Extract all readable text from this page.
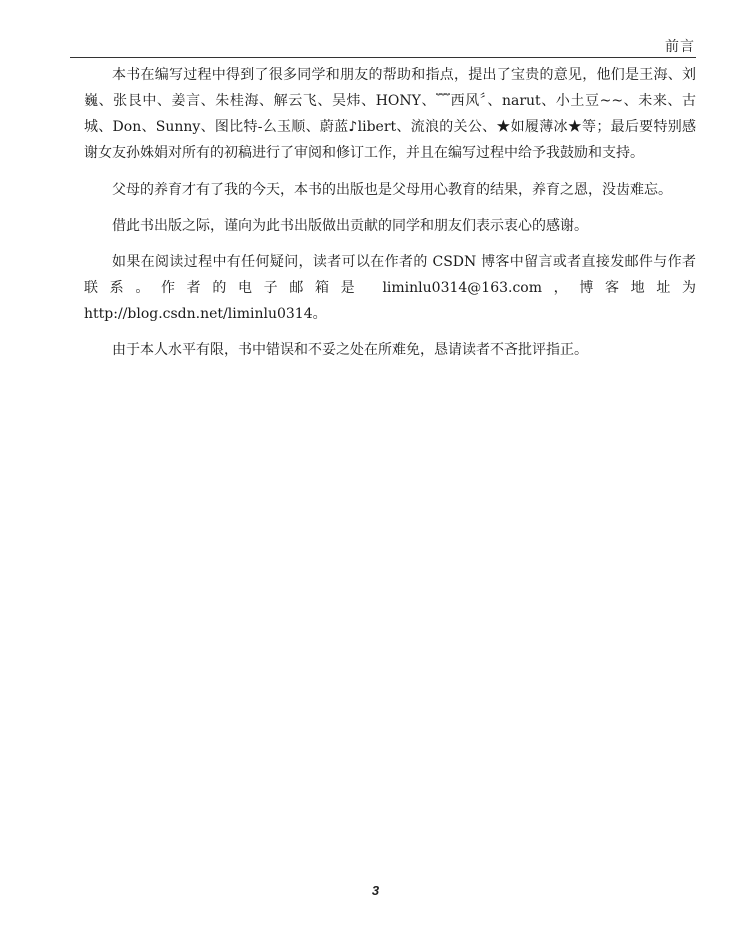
前言

本书在编写过程中得到了很多同学和朋友的帮助和指点，提出了宝贵的意见，他们是王海、刘巍、张艮中、姜言、朱桂海、解云飞、吴炜、HONY、﹌西风〞、narut、小土豆~~、未来、古城、Don、Sunny、图比特-么玉顺、蔚蓝♪libert、流浪的关公、★如履薄冰★等；最后要特别感谢女友孙姝娟对所有的初稿进行了审阅和修订工作，并且在编写过程中给予我鼓励和支持。

父母的养育才有了我的今天，本书的出版也是父母用心教育的结果，养育之恩，没齿难忘。

借此书出版之际，谨向为此书出版做出贡献的同学和朋友们表示衷心的感谢。

如果在阅读过程中有任何疑问，读者可以在作者的 CSDN 博客中留言或者直接发邮件与作者联系。作者的电子邮箱是 liminlu0314@163.com，博客地址为 http://blog.csdn.net/liminlu0314。

由于本人水平有限，书中错误和不妥之处在所难免，恳请读者不吝批评指正。

3
